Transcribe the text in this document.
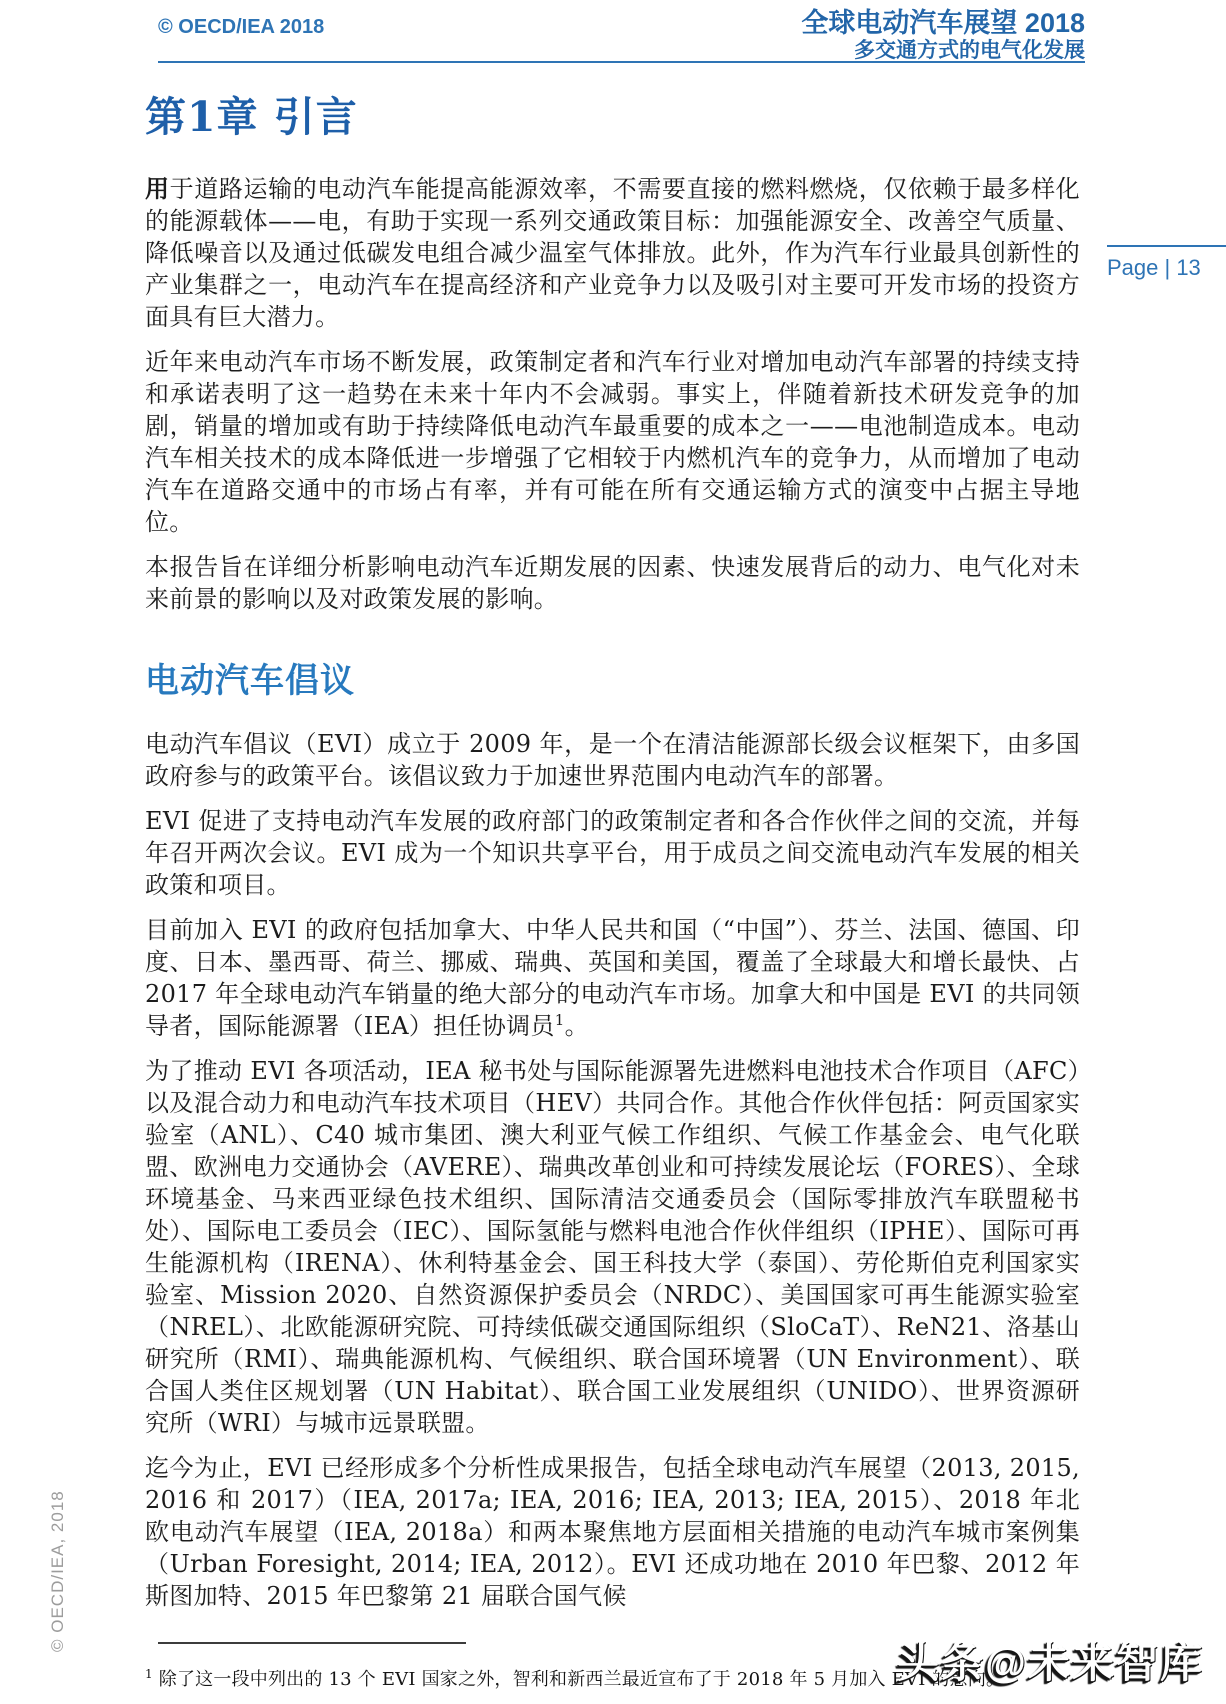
© OECD/IEA 2018	全球电动汽车展望 2018
多交通方式的电气化发展
Page | 13
第1章 引言

用于道路运输的电动汽车能提高能源效率，不需要直接的燃料燃烧，仅依赖于最多样化的能源载体——电，有助于实现一系列交通政策目标：加强能源安全、改善空气质量、降低噪音以及通过低碳发电组合减少温室气体排放。此外，作为汽车行业最具创新性的产业集群之一，电动汽车在提高经济和产业竞争力以及吸引对主要可开发市场的投资方面具有巨大潜力。

近年来电动汽车市场不断发展，政策制定者和汽车行业对增加电动汽车部署的持续支持和承诺表明了这一趋势在未来十年内不会减弱。事实上，伴随着新技术研发竞争的加剧，销量的增加或有助于持续降低电动汽车最重要的成本之一——电池制造成本。电动汽车相关技术的成本降低进一步增强了它相较于内燃机汽车的竞争力，从而增加了电动汽车在道路交通中的市场占有率，并有可能在所有交通运输方式的演变中占据主导地位。

本报告旨在详细分析影响电动汽车近期发展的因素、快速发展背后的动力、电气化对未来前景的影响以及对政策发展的影响。

电动汽车倡议

电动汽车倡议（EVI）成立于 2009 年，是一个在清洁能源部长级会议框架下，由多国政府参与的政策平台。该倡议致力于加速世界范围内电动汽车的部署。

EVI 促进了支持电动汽车发展的政府部门的政策制定者和各合作伙伴之间的交流，并每年召开两次会议。EVI 成为一个知识共享平台，用于成员之间交流电动汽车发展的相关政策和项目。

目前加入 EVI 的政府包括加拿大、中华人民共和国（“中国”）、芬兰、法国、德国、印度、日本、墨西哥、荷兰、挪威、瑞典、英国和美国，覆盖了全球最大和增长最快、占 2017 年全球电动汽车销量的绝大部分的电动汽车市场。加拿大和中国是 EVI 的共同领导者，国际能源署（IEA）担任协调员$^1$。

为了推动 EVI 各项活动，IEA 秘书处与国际能源署先进燃料电池技术合作项目（AFC）以及混合动力和电动汽车技术项目（HEV）共同合作。其他合作伙伴包括：阿贡国家实验室（ANL）、C40 城市集团、澳大利亚气候工作组织、气候工作基金会、电气化联盟、欧洲电力交通协会（AVERE）、瑞典改革创业和可持续发展论坛（FORES）、全球环境基金、马来西亚绿色技术组织、国际清洁交通委员会（国际零排放汽车联盟秘书处）、国际电工委员会（IEC）、国际氢能与燃料电池合作伙伴组织（IPHE）、国际可再生能源机构（IRENA）、休利特基金会、国王科技大学（泰国）、劳伦斯伯克利国家实验室、Mission 2020、自然资源保护委员会（NRDC）、美国国家可再生能源实验室（NREL）、北欧能源研究院、可持续低碳交通国际组织（SloCaT）、ReN21、洛基山研究所（RMI）、瑞典能源机构、气候组织、联合国环境署（UN Environment）、联合国人类住区规划署（UN Habitat）、联合国工业发展组织（UNIDO）、世界资源研究所（WRI）与城市远景联盟。

迄今为止，EVI 已经形成多个分析性成果报告，包括全球电动汽车展望（2013, 2015, 2016 和 2017）（IEA, 2017a; IEA, 2016; IEA, 2013; IEA, 2015）、2018 年北欧电动汽车展望（IEA, 2018a）和两本聚焦地方层面相关措施的电动汽车城市案例集（Urban Foresight, 2014; IEA, 2012）。EVI 还成功地在 2010 年巴黎、2012 年斯图加特、2015 年巴黎第 21 届联合国气候

$^1$ 除了这一段中列出的 13 个 EVI 国家之外，智利和新西兰最近宣布了于 2018 年 5 月加入 EVI 的意向。

© OECD/IEA, 2018
头条@未来智库
